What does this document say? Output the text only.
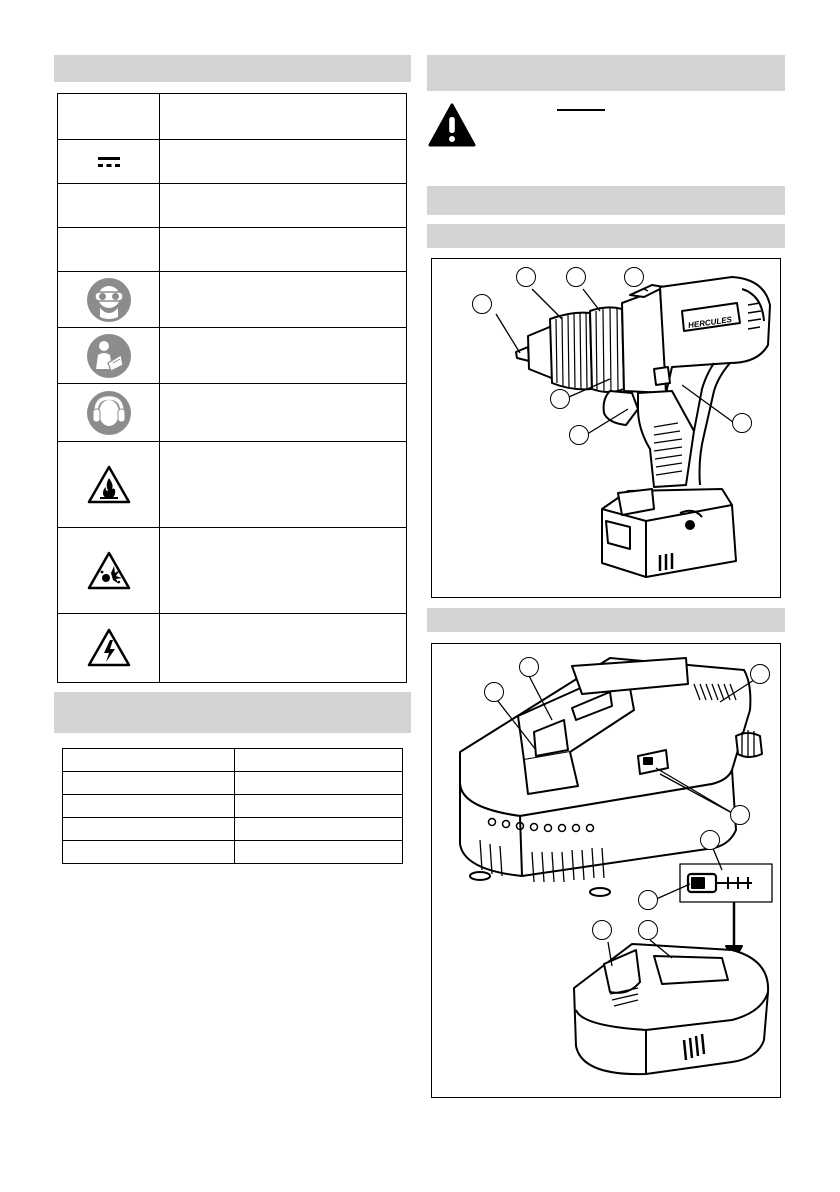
HERCULES
